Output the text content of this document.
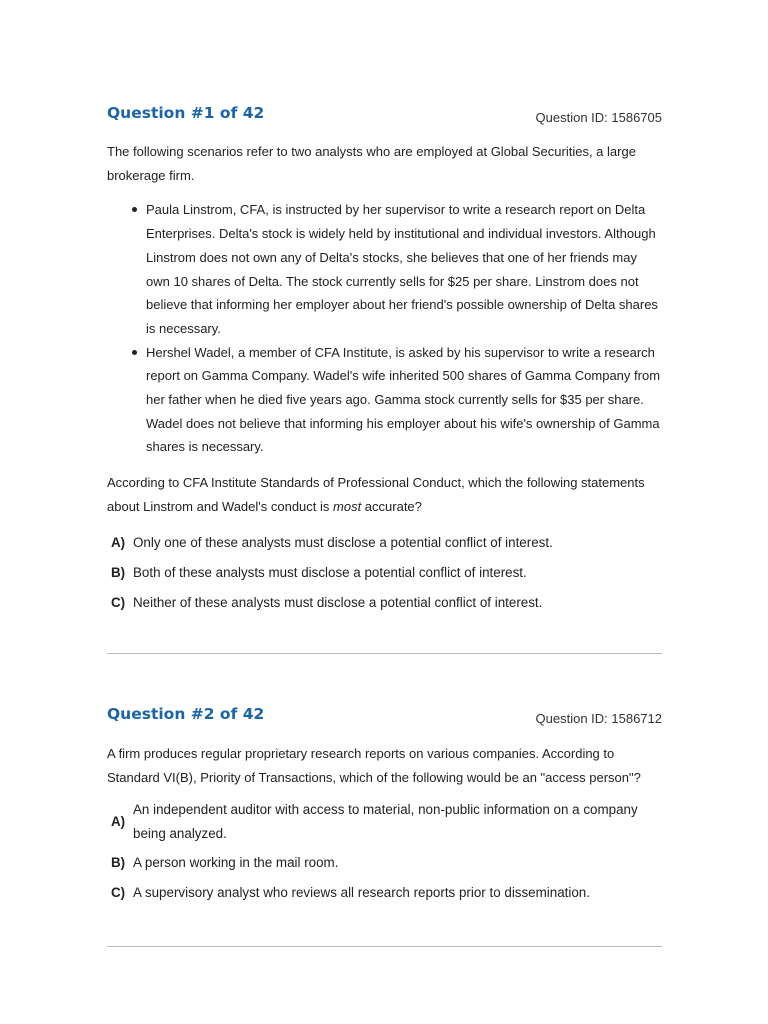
Question #1 of 42	Question ID: 1586705

The following scenarios refer to two analysts who are employed at Global Securities, a large brokerage firm.

Paula Linstrom, CFA, is instructed by her supervisor to write a research report on Delta Enterprises. Delta's stock is widely held by institutional and individual investors. Although Linstrom does not own any of Delta's stocks, she believes that one of her friends may own 10 shares of Delta. The stock currently sells for $25 per share. Linstrom does not believe that informing her employer about her friend's possible ownership of Delta shares is necessary.
Hershel Wadel, a member of CFA Institute, is asked by his supervisor to write a research report on Gamma Company. Wadel's wife inherited 500 shares of Gamma Company from her father when he died five years ago. Gamma stock currently sells for $35 per share. Wadel does not believe that informing his employer about his wife's ownership of Gamma shares is necessary.

According to CFA Institute Standards of Professional Conduct, which the following statements about Linstrom and Wadel's conduct is most accurate?

A) Only one of these analysts must disclose a potential conflict of interest.
B) Both of these analysts must disclose a potential conflict of interest.
C) Neither of these analysts must disclose a potential conflict of interest.
Question #2 of 42	Question ID: 1586712

A firm produces regular proprietary research reports on various companies. According to Standard VI(B), Priority of Transactions, which of the following would be an "access person"?

A)
An independent auditor with access to material, non-public information on a company being analyzed.
B) A person working in the mail room.
C) A supervisory analyst who reviews all research reports prior to dissemination.
